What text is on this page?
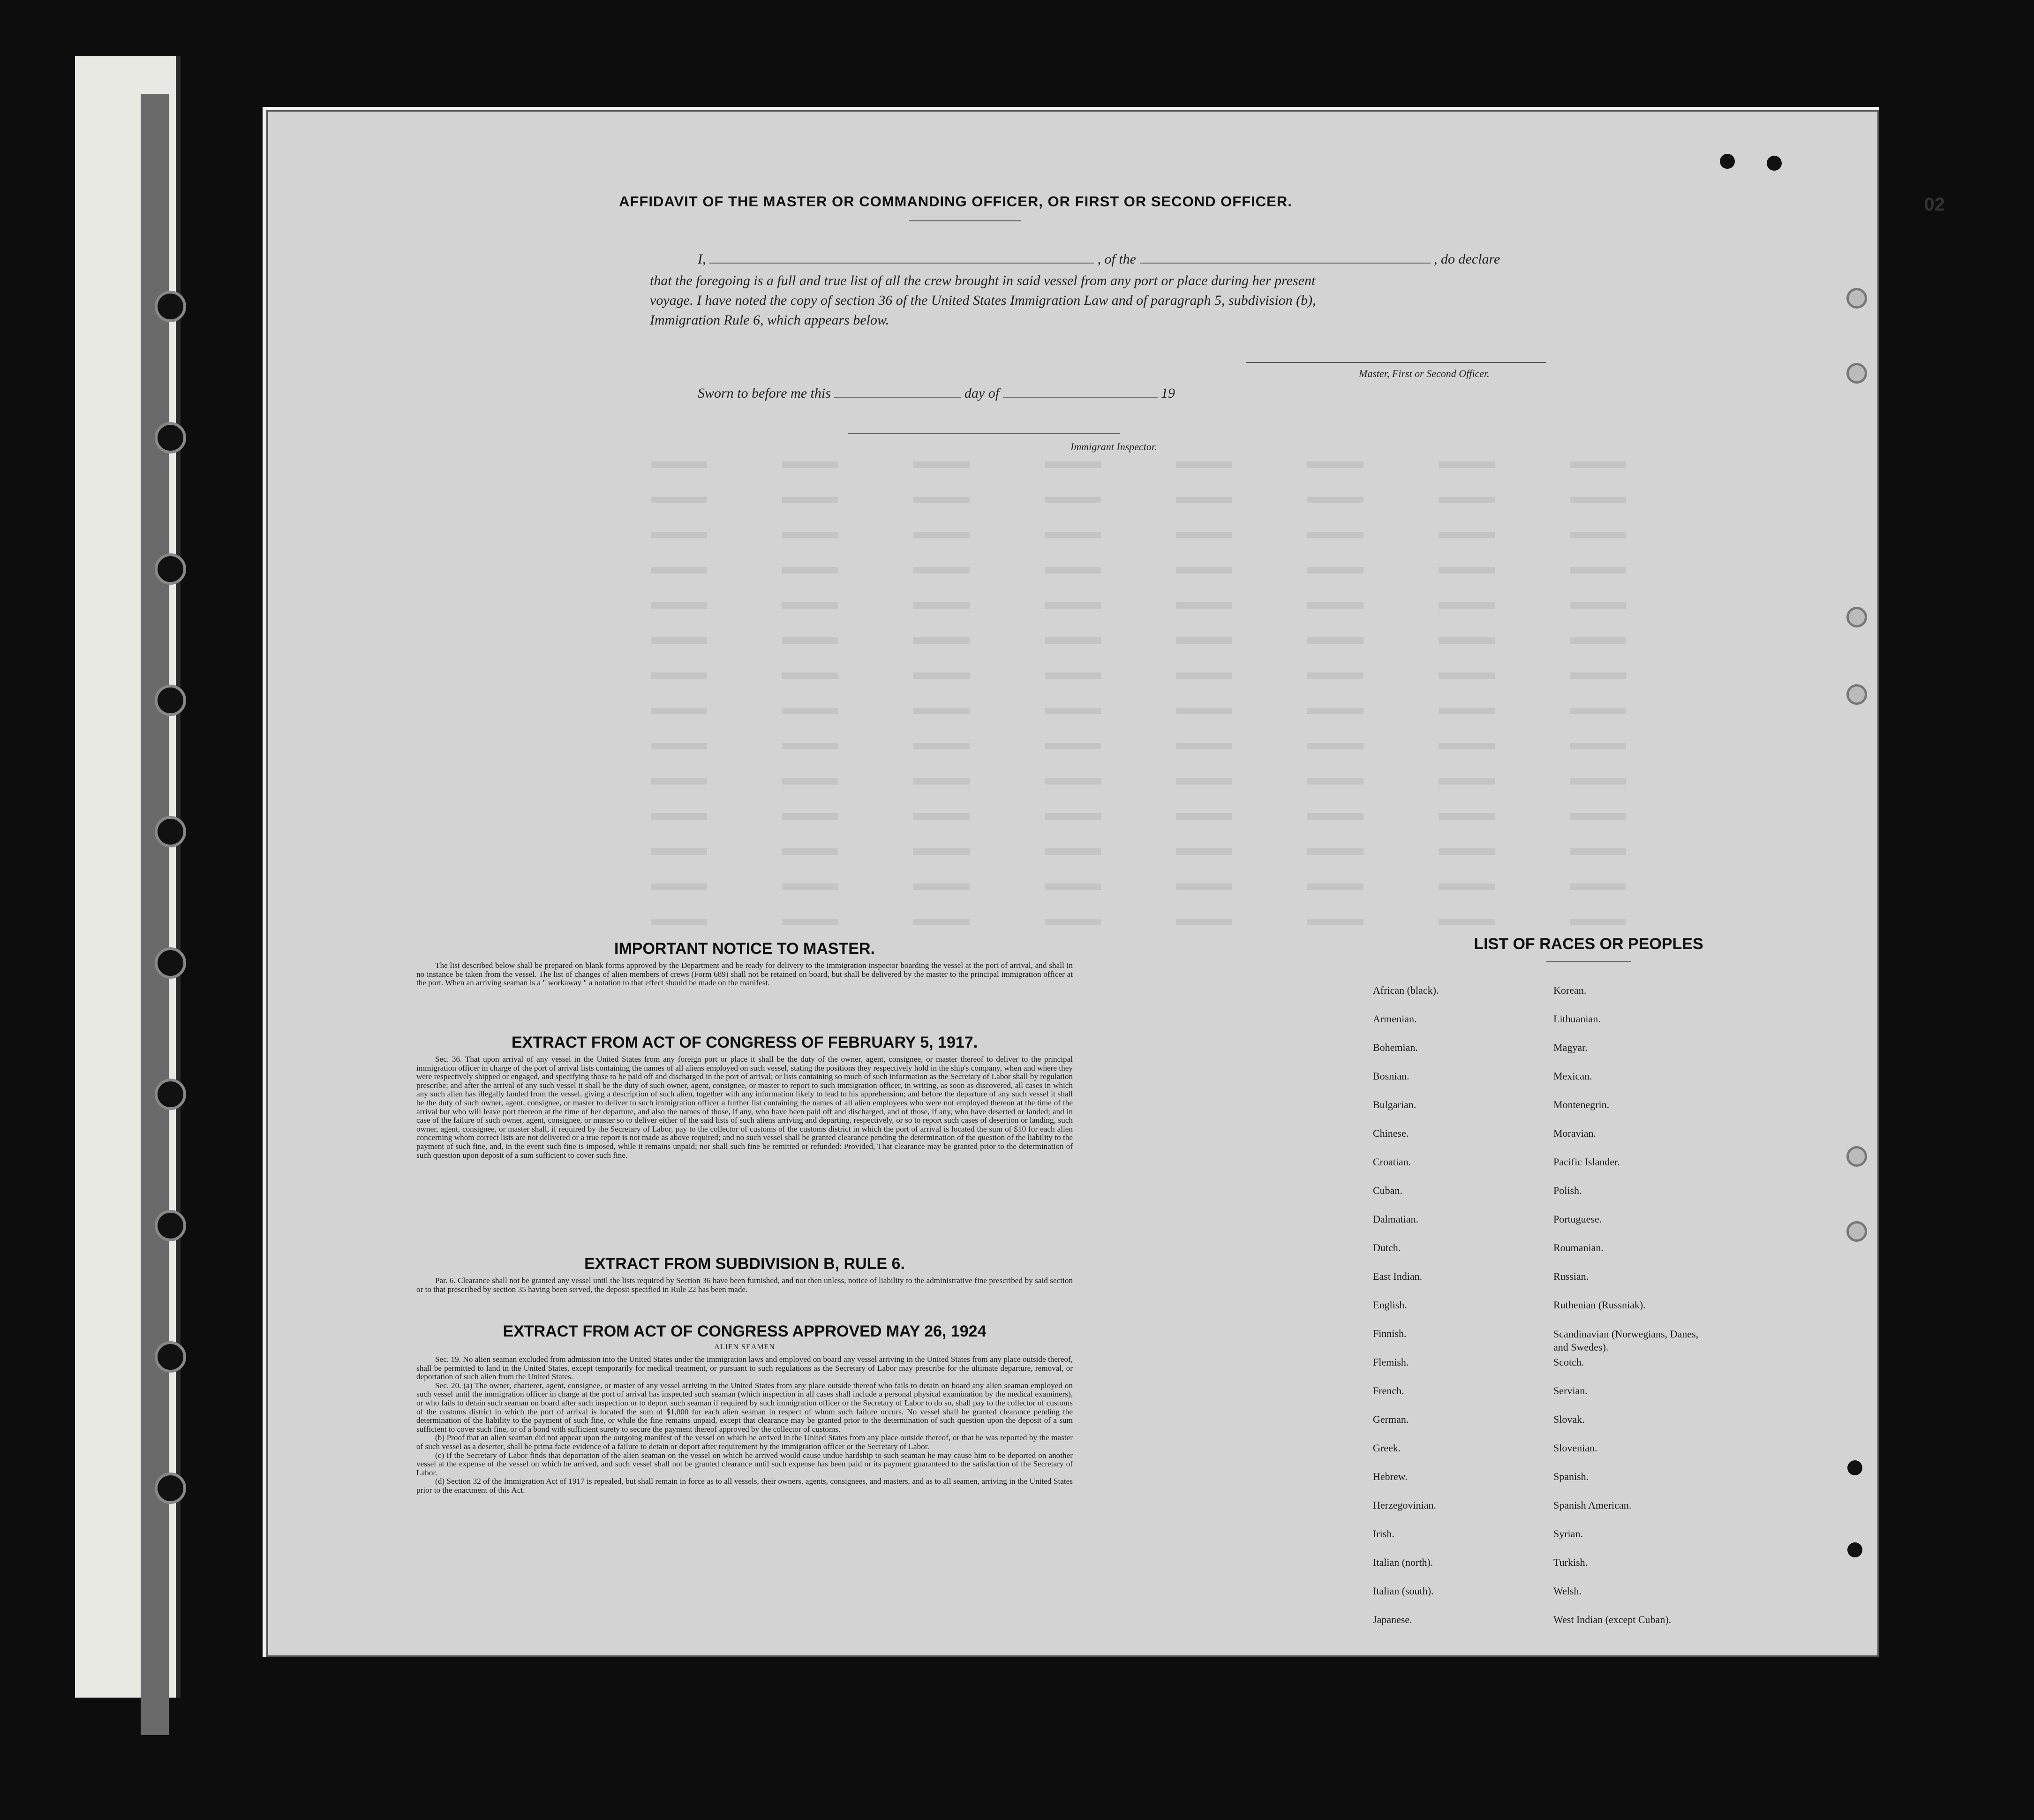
02
AFFIDAVIT OF THE MASTER OR COMMANDING OFFICER, OR FIRST OR SECOND OFFICER.
I,	, of the	, do declare
that the foregoing is a full and true list of all the crew brought in said vessel from any port or place during her present
voyage. I have noted the copy of section 36 of the United States Immigration Law and of paragraph 5, subdivision (b),
Immigration Rule 6, which appears below.
Master, First or Second Officer.
Sworn to before me this	day of	19
Immigrant Inspector.
IMPORTANT NOTICE TO MASTER.

The list described below shall be prepared on blank forms approved by the Department and be ready for delivery to the immigration inspector boarding the vessel at the port of arrival, and shall in no instance be taken from the vessel. The list of changes of alien members of crews (Form 689) shall not be retained on board, but shall be delivered by the master to the principal immigration officer at the port. When an arriving seaman is a " workaway " a notation to that effect should be made on the manifest.

EXTRACT FROM ACT OF CONGRESS OF FEBRUARY 5, 1917.

Sec. 36. That upon arrival of any vessel in the United States from any foreign port or place it shall be the duty of the owner, agent, consignee, or master thereof to deliver to the principal immigration officer in charge of the port of arrival lists containing the names of all aliens employed on such vessel, stating the positions they respectively hold in the ship's company, when and where they were respectively shipped or engaged, and specifying those to be paid off and discharged in the port of arrival; or lists containing so much of such information as the Secretary of Labor shall by regulation prescribe; and after the arrival of any such vessel it shall be the duty of such owner, agent, consignee, or master to report to such immigration officer, in writing, as soon as discovered, all cases in which any such alien has illegally landed from the vessel, giving a description of such alien, together with any information likely to lead to his apprehension; and before the departure of any such vessel it shall be the duty of such owner, agent, consignee, or master to deliver to such immigration officer a further list containing the names of all alien employees who were not employed thereon at the time of the arrival but who will leave port thereon at the time of her departure, and also the names of those, if any, who have been paid off and discharged, and of those, if any, who have deserted or landed; and in case of the failure of such owner, agent, consignee, or master so to deliver either of the said lists of such aliens arriving and departing, respectively, or so to report such cases of desertion or landing, such owner, agent, consignee, or master shall, if required by the Secretary of Labor, pay to the collector of customs of the customs district in which the port of arrival is located the sum of $10 for each alien concerning whom correct lists are not delivered or a true report is not made as above required; and no such vessel shall be granted clearance pending the determination of the question of the liability to the payment of such fine, and, in the event such fine is imposed, while it remains unpaid; nor shall such fine be remitted or refunded: Provided, That clearance may be granted prior to the determination of such question upon deposit of a sum sufficient to cover such fine.

EXTRACT FROM SUBDIVISION B, RULE 6.

Par. 6. Clearance shall not be granted any vessel until the lists required by Section 36 have been furnished, and not then unless, notice of liability to the administrative fine prescribed by said section or to that prescribed by section 35 having been served, the deposit specified in Rule 22 has been made.

EXTRACT FROM ACT OF CONGRESS APPROVED MAY 26, 1924
ALIEN SEAMEN

Sec. 19. No alien seaman excluded from admission into the United States under the immigration laws and employed on board any vessel arriving in the United States from any place outside thereof, shall be permitted to land in the United States, except temporarily for medical treatment, or pursuant to such regulations as the Secretary of Labor may prescribe for the ultimate departure, removal, or deportation of such alien from the United States.

Sec. 20. (a) The owner, charterer, agent, consignee, or master of any vessel arriving in the United States from any place outside thereof who fails to detain on board any alien seaman employed on such vessel until the immigration officer in charge at the port of arrival has inspected such seaman (which inspection in all cases shall include a personal physical examination by the medical examiners), or who fails to detain such seaman on board after such inspection or to deport such seaman if required by such immigration officer or the Secretary of Labor to do so, shall pay to the collector of customs of the customs district in which the port of arrival is located the sum of $1,000 for each alien seaman in respect of whom such failure occurs. No vessel shall be granted clearance pending the determination of the liability to the payment of such fine, or while the fine remains unpaid, except that clearance may be granted prior to the determination of such question upon the deposit of a sum sufficient to cover such fine, or of a bond with sufficient surety to secure the payment thereof approved by the collector of customs.

(b) Proof that an alien seaman did not appear upon the outgoing manifest of the vessel on which he arrived in the United States from any place outside thereof, or that he was reported by the master of such vessel as a deserter, shall be prima facie evidence of a failure to detain or deport after requirement by the immigration officer or the Secretary of Labor.

(c) If the Secretary of Labor finds that deportation of the alien seaman on the vessel on which he arrived would cause undue hardship to such seaman he may cause him to be deported on another vessel at the expense of the vessel on which he arrived, and such vessel shall not be granted clearance until such expense has been paid or its payment guaranteed to the satisfaction of the Secretary of Labor.

(d) Section 32 of the Immigration Act of 1917 is repealed, but shall remain in force as to all vessels, their owners, agents, consignees, and masters, and as to all seamen, arriving in the United States prior to the enactment of this Act.

LIST OF RACES OR PEOPLES
African (black).
Armenian.
Bohemian.
Bosnian.
Bulgarian.
Chinese.
Croatian.
Cuban.
Dalmatian.
Dutch.
East Indian.
English.
Finnish.
Flemish.
French.
German.
Greek.
Hebrew.
Herzegovinian.
Irish.
Italian (north).
Italian (south).
Japanese.
Korean.
Lithuanian.
Magyar.
Mexican.
Montenegrin.
Moravian.
Pacific Islander.
Polish.
Portuguese.
Roumanian.
Russian.
Ruthenian (Russniak).
Scandinavian (Norwegians, Danes, and Swedes).
Scotch.
Servian.
Slovak.
Slovenian.
Spanish.
Spanish American.
Syrian.
Turkish.
Welsh.
West Indian (except Cuban).
